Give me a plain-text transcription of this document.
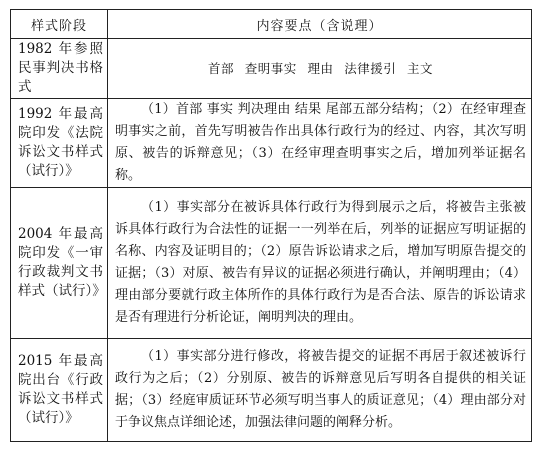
样式阶段	内容要点（含说理）
1982 年参照民事判决书格式	首部 查明事实 理由 法律援引 主文
1992 年最高院印发《法院诉讼文书样式（试行）》	（1）首部 事实 判决理由 结果 尾部五部分结构；（2）在经审理查明事实之前，首先写明被告作出具体行政行为的经过、内容，其次写明原、被告的诉辩意见；（3）在经审理查明事实之后，增加列举证据名称。

2004 年最高院印发《一审行政裁判文书样式（试行）》	（1）事实部分在被诉具体行政行为得到展示之后，将被告主张被诉具体行政行为合法性的证据一一列举在后，列举的证据应写明证据的名称、内容及证明目的；（2）原告诉讼请求之后，增加写明原告提交的证据；（3）对原、被告有异议的证据必须进行确认，并阐明理由；（4）理由部分要就行政主体所作的具体行政行为是否合法、原告的诉讼请求是否有理进行分析论证，阐明判决的理由。

2015 年最高院出台《行政诉讼文书样式（试行）》	（1）事实部分进行修改，将被告提交的证据不再居于叙述被诉行政行为之后；（2）分别原、被告的诉辩意见后写明各自提供的相关证据；（3）经庭审质证环节必须写明当事人的质证意见；（4）理由部分对于争议焦点详细论述，加强法律问题的阐释分析。
